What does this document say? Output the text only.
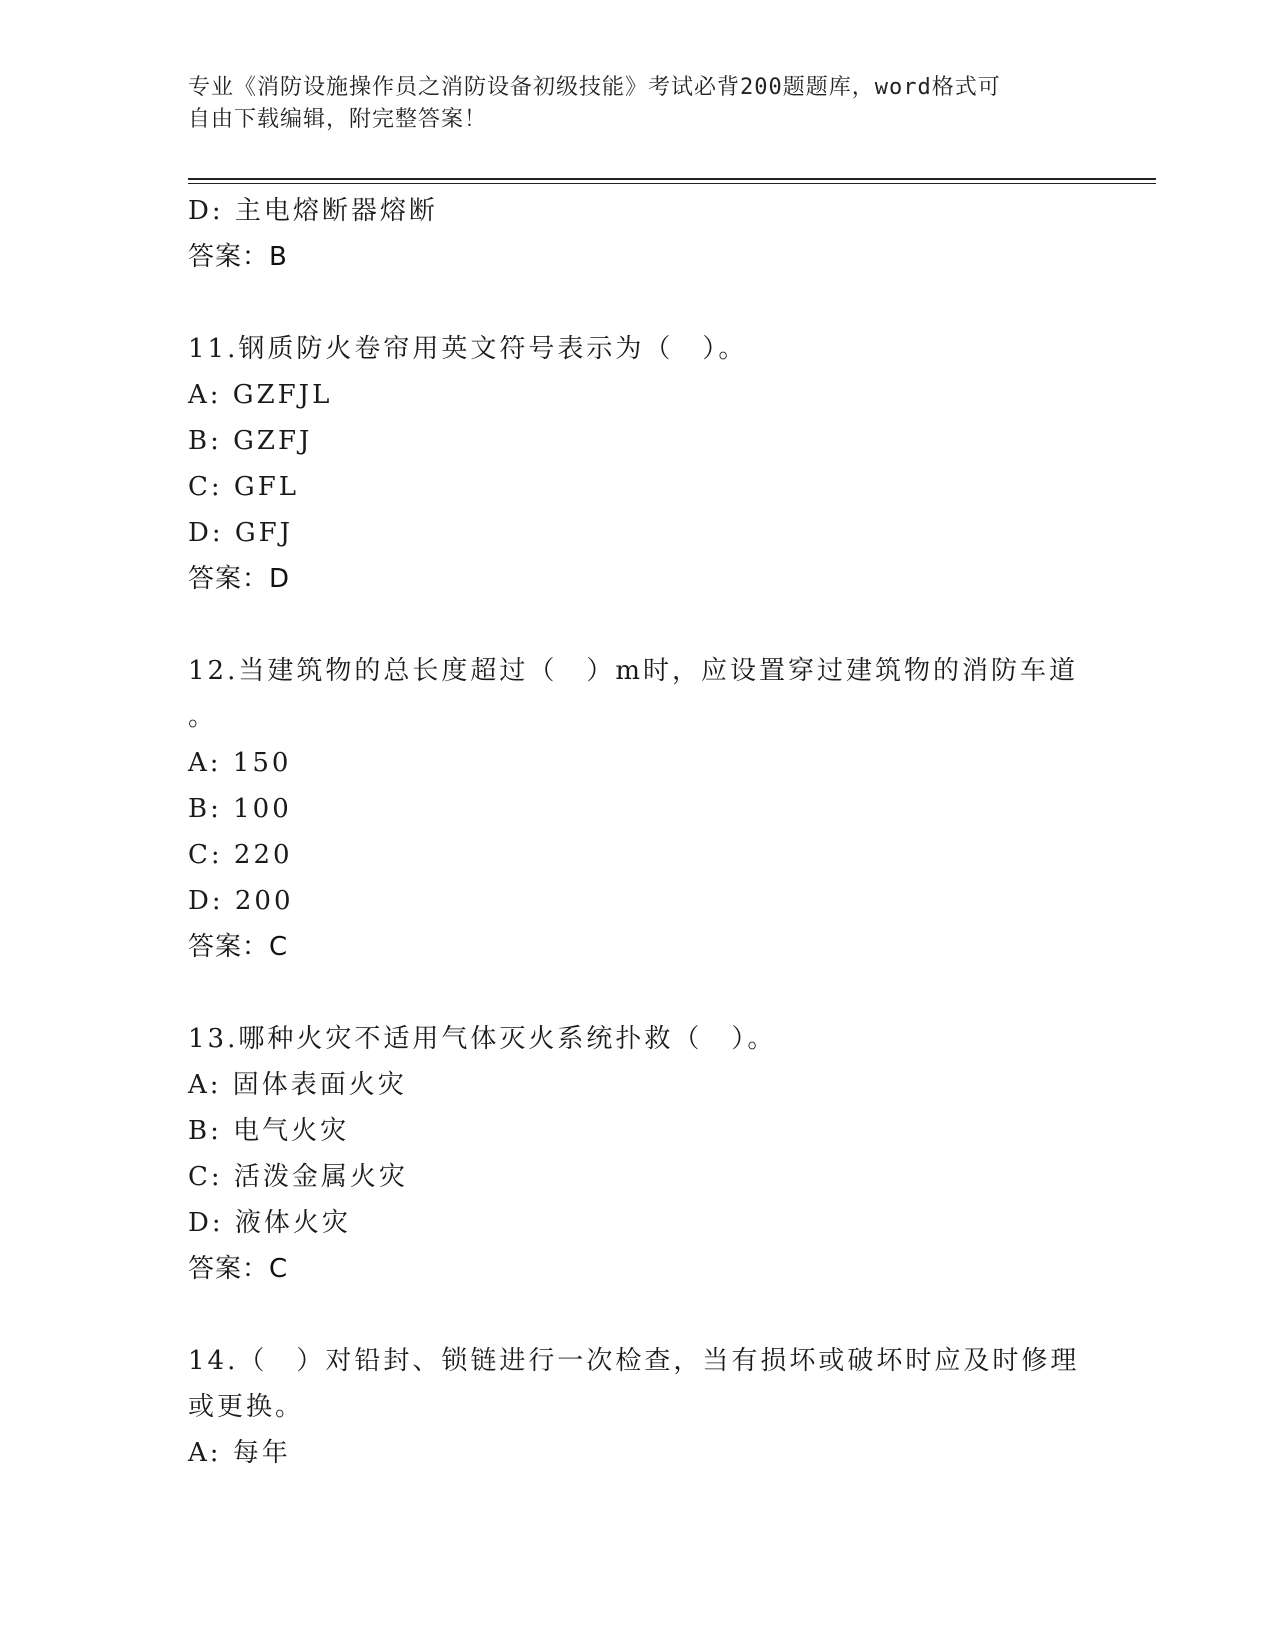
专业《消防设施操作员之消防设备初级技能》考试必背200题题库，word格式可
自由下载编辑，附完整答案！
D: 主电熔断器熔断
答案：B
11.钢质防火卷帘用英文符号表示为（　）。
A: GZFJL
B: GZFJ
C: GFL
D: GFJ
答案：D
12.当建筑物的总长度超过（　）m时，应设置穿过建筑物的消防车道
。
A: 150
B: 100
C: 220
D: 200
答案：C
13.哪种火灾不适用气体灭火系统扑救（　）。
A: 固体表面火灾
B: 电气火灾
C: 活泼金属火灾
D: 液体火灾
答案：C
14.（　）对铅封、锁链进行一次检查，当有损坏或破坏时应及时修理
或更换。
A: 每年
